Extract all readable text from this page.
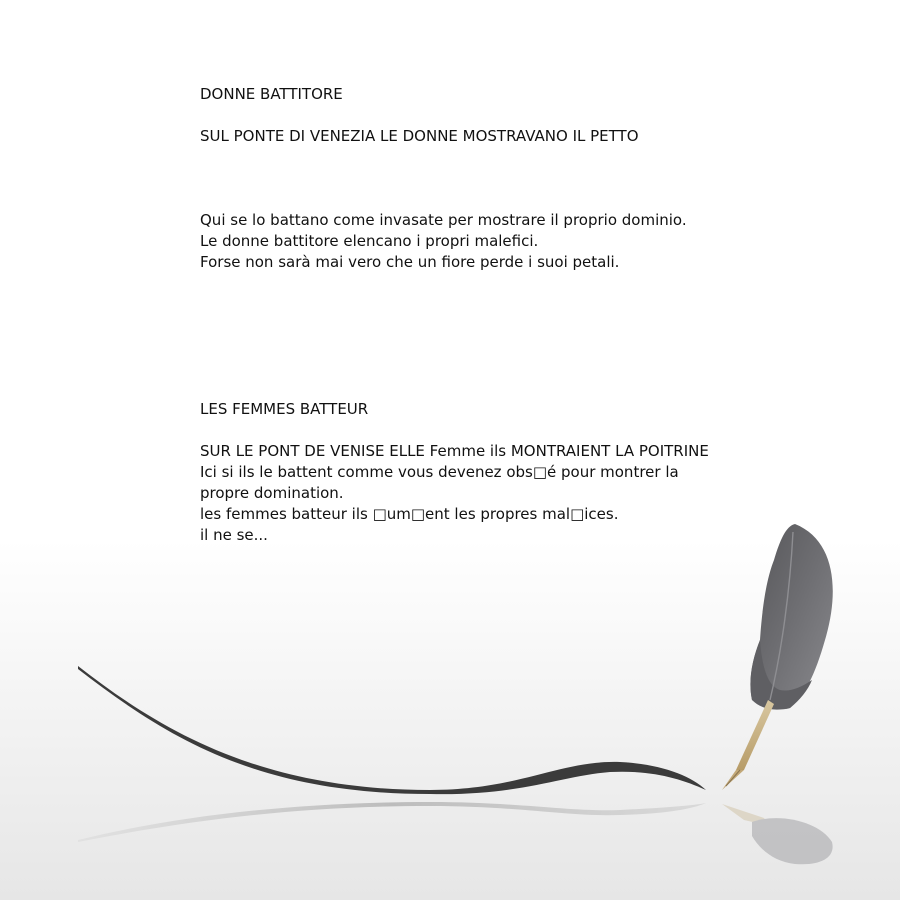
DONNE BATTITORE
SUL PONTE DI VENEZIA LE DONNE MOSTRAVANO IL PETTO
Qui se lo battano come invasate per mostrare il proprio dominio.
Le donne battitore elencano i propri malefici.
Forse non sarà mai vero che un fiore perde i suoi petali.
LES FEMMES BATTEUR
SUR LE PONT DE VENISE ELLE Femme ils MONTRAIENT LA POITRINE
Ici si ils le battent comme vous devenez obs□é pour montrer la propre domination.
les femmes batteur ils □um□ent les propres mal□ices.
il ne se...
